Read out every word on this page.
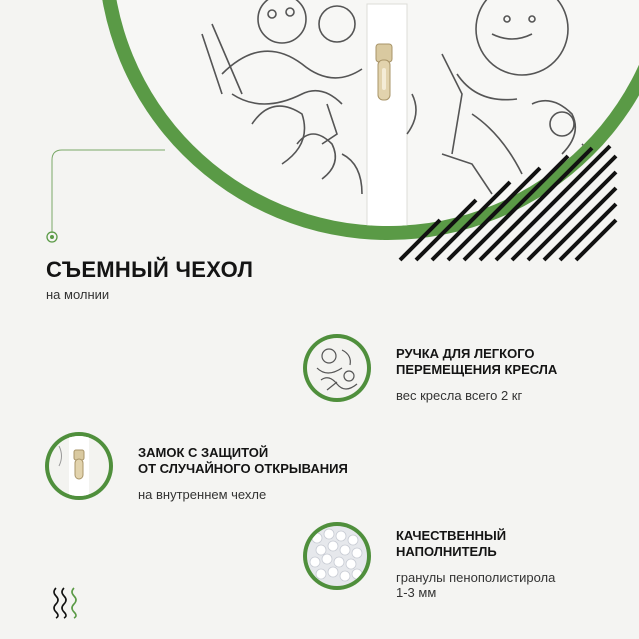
СЪЕМНЫЙ ЧЕХОЛ
на молнии
РУЧКА ДЛЯ ЛЕГКОГО
ПЕРЕМЕЩЕНИЯ КРЕСЛА
вес кресла всего 2 кг
ЗАМОК С ЗАЩИТОЙ
ОТ СЛУЧАЙНОГО ОТКРЫВАНИЯ
на внутреннем чехле
КАЧЕСТВЕННЫЙ
НАПОЛНИТЕЛЬ
гранулы пенополистирола
1-3 мм
